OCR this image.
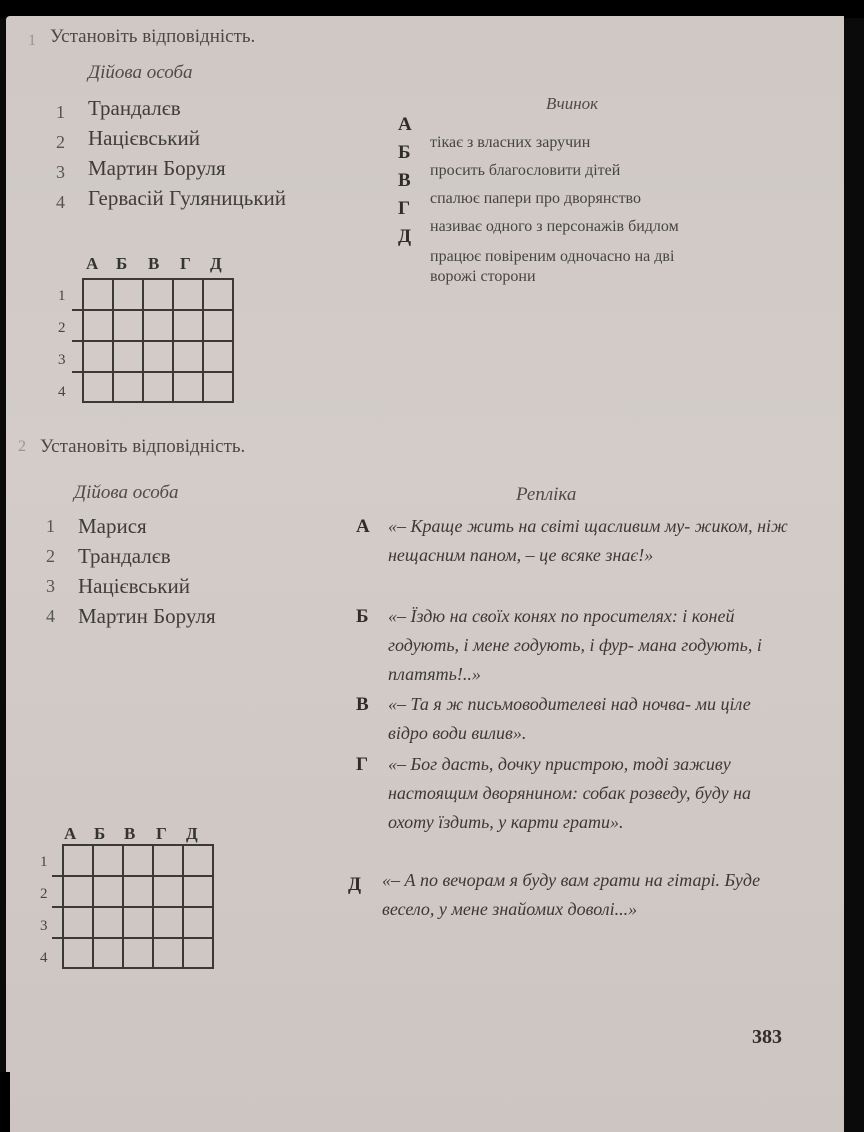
1 Установіть відповідність.
Дійова особа
Вчинок
1 Трандалєв
2 Націєвський
3 Мартин Боруля
4 Гервасій Гуляницький
А
тікає з власних заручин
Б
просить благословити дітей
В
спалює папери про дворянство
Г
називає одного з персонажів бидлом
Д
працює повіреним одночасно на дві
ворожі сторони
А Б В Г Д
1
2
3
4

2 Установіть відповідність.
Дійова особа	Репліка
1 Марися
2 Трандалєв
3 Націєвський
4 Мартин Боруля
А «– Краще жить на світі щасливим му- жиком, ніж нещасним паном, – це всяке знає!»
Б «– Їздю на своїх конях по просителях: і коней годують, і мене годують, і фур- мана годують, і платять!..»
В «– Та я ж письмоводителеві над ночва- ми ціле відро води вилив».
Г «– Бог дасть, дочку пристрою, тоді заживу настоящим дворянином: собак розведу, буду на охоту їздить, у карти грати».
Д «– А по вечорам я буду вам грати на гітарі. Буде весело, у мене знайомих доволі...»
А Б В Г Д
1
2
3
4

383
